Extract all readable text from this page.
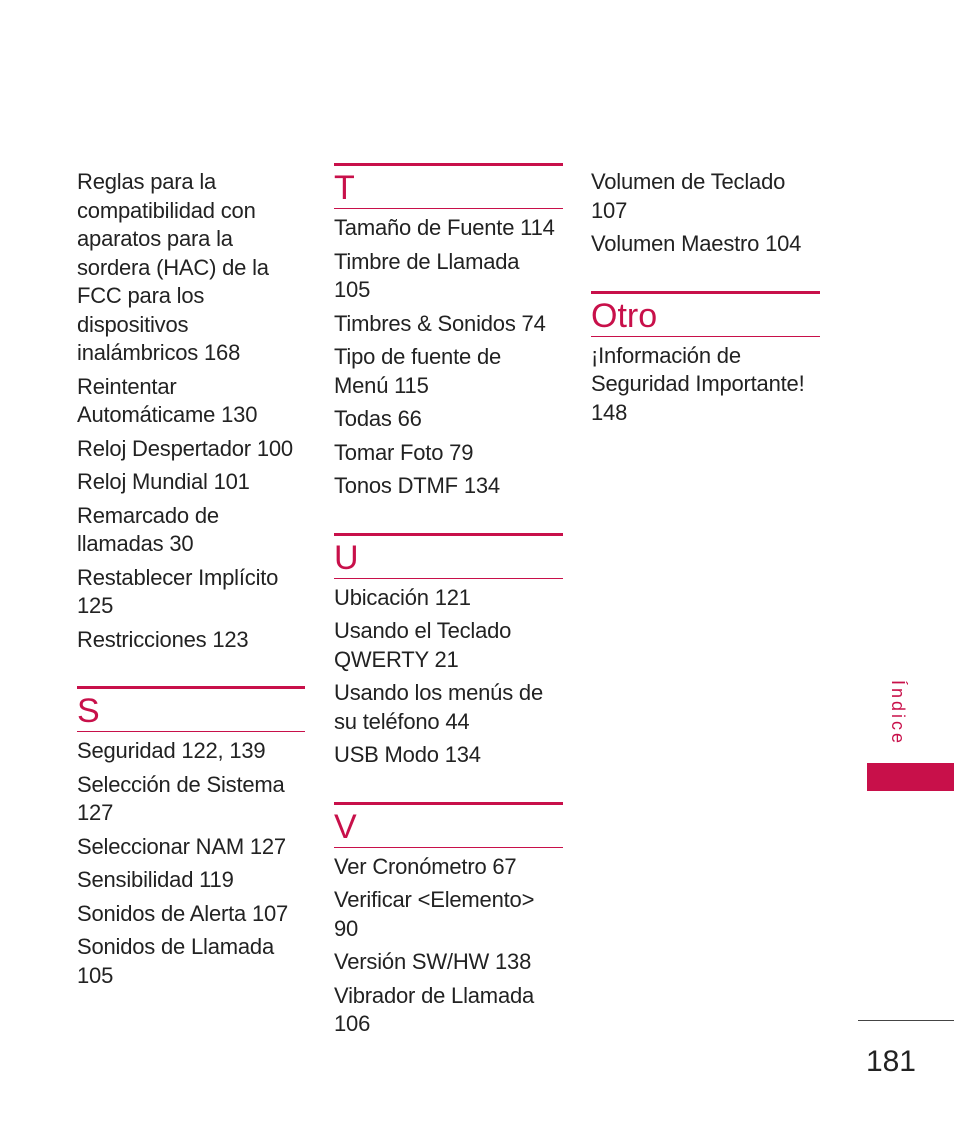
Reglas para la
compatibilidad con
aparatos para la
sordera (HAC) de la
FCC para los
dispositivos
inalámbricos 168
Reintentar
Automáticame 130
Reloj Despertador 100
Reloj Mundial 101
Remarcado de
llamadas 30
Restablecer Implícito
125
Restricciones 123
S
Seguridad 122, 139
Selección de Sistema
127
Seleccionar NAM 127
Sensibilidad 119
Sonidos de Alerta 107
Sonidos de Llamada
105
T
Tamaño de Fuente 114
Timbre de Llamada
105
Timbres & Sonidos 74
Tipo de fuente de
Menú 115
Todas 66
Tomar Foto 79
Tonos DTMF 134
U
Ubicación 121
Usando el Teclado
QWERTY 21
Usando los menús de
su teléfono 44
USB Modo 134
V
Ver Cronómetro 67
Verificar <Elemento> 90
Versión SW/HW 138
Vibrador de Llamada
106
Volumen de Teclado
107
Volumen Maestro 104
Otro
¡Información de
Seguridad Importante!
148
Índice
181
